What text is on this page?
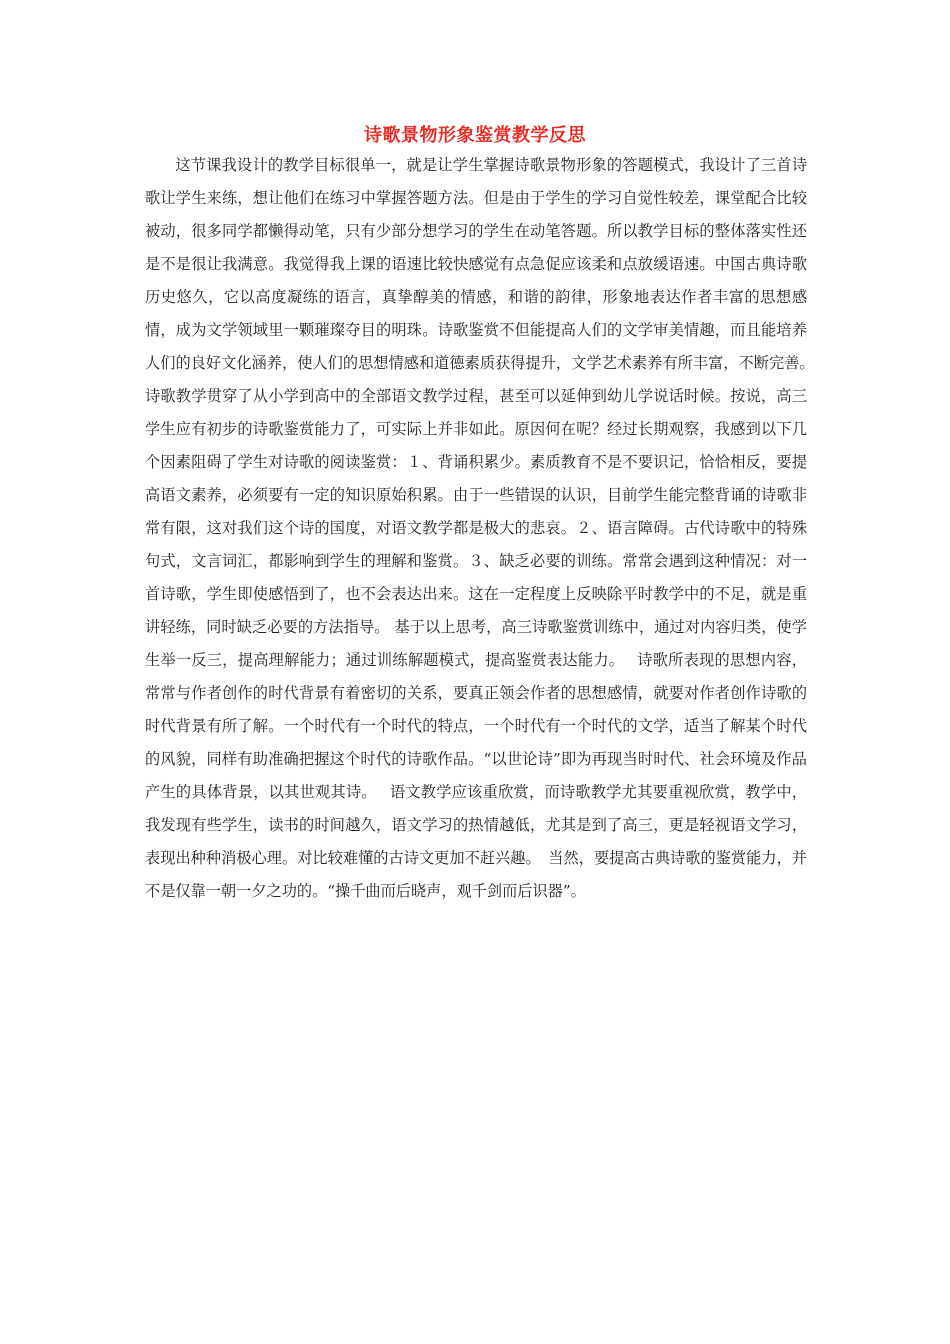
诗歌景物形象鉴赏教学反思

这节课我设计的教学目标很单一，就是让学生掌握诗歌景物形象的答题模式，我设计了三首诗歌让学生来练，想让他们在练习中掌握答题方法。但是由于学生的学习自觉性较差，课堂配合比较被动，很多同学都懒得动笔，只有少部分想学习的学生在动笔答题。所以教学目标的整体落实性还是不是很让我满意。我觉得我上课的语速比较快感觉有点急促应该柔和点放缓语速。中国古典诗歌历史悠久，它以高度凝练的语言，真挚醇美的情感，和谐的韵律，形象地表达作者丰富的思想感情，成为文学领域里一颗璀璨夺目的明珠。诗歌鉴赏不但能提高人们的文学审美情趣，而且能培养人们的良好文化涵养，使人们的思想情感和道德素质获得提升，文学艺术素养有所丰富，不断完善。　诗歌教学贯穿了从小学到高中的全部语文教学过程，甚至可以延伸到幼儿学说话时候。按说，高三学生应有初步的诗歌鉴赏能力了，可实际上并非如此。原因何在呢？经过长期观察，我感到以下几个因素阻碍了学生对诗歌的阅读鉴赏：１、背诵积累少。素质教育不是不要识记，恰恰相反，要提高语文素养，必须要有一定的知识原始积累。由于一些错误的认识，目前学生能完整背诵的诗歌非常有限，这对我们这个诗的国度，对语文教学都是极大的悲哀。２、语言障碍。古代诗歌中的特殊句式，文言词汇，都影响到学生的理解和鉴赏。３、缺乏必要的训练。常常会遇到这种情况：对一首诗歌，学生即使感悟到了，也不会表达出来。这在一定程度上反映除平时教学中的不足，就是重讲轻练，同时缺乏必要的方法指导。 基于以上思考，高三诗歌鉴赏训练中，通过对内容归类，使学生举一反三，提高理解能力；通过训练解题模式，提高鉴赏表达能力。　 诗歌所表现的思想内容，常常与作者创作的时代背景有着密切的关系，要真正领会作者的思想感情，就要对作者创作诗歌的时代背景有所了解。一个时代有一个时代的特点，一个时代有一个时代的文学，适当了解某个时代的风貌，同样有助准确把握这个时代的诗歌作品。“以世论诗”即为再现当时时代、社会环境及作品产生的具体背景，以其世观其诗。　 语文教学应该重欣赏，而诗歌教学尤其要重视欣赏，教学中，我发现有些学生，读书的时间越久，语文学习的热情越低，尤其是到了高三，更是轻视语文学习，表现出种种消极心理。对比较难懂的古诗文更加不赶兴趣。　当然，要提高古典诗歌的鉴赏能力，并不是仅靠一朝一夕之功的。“操千曲而后晓声，观千剑而后识器”。
